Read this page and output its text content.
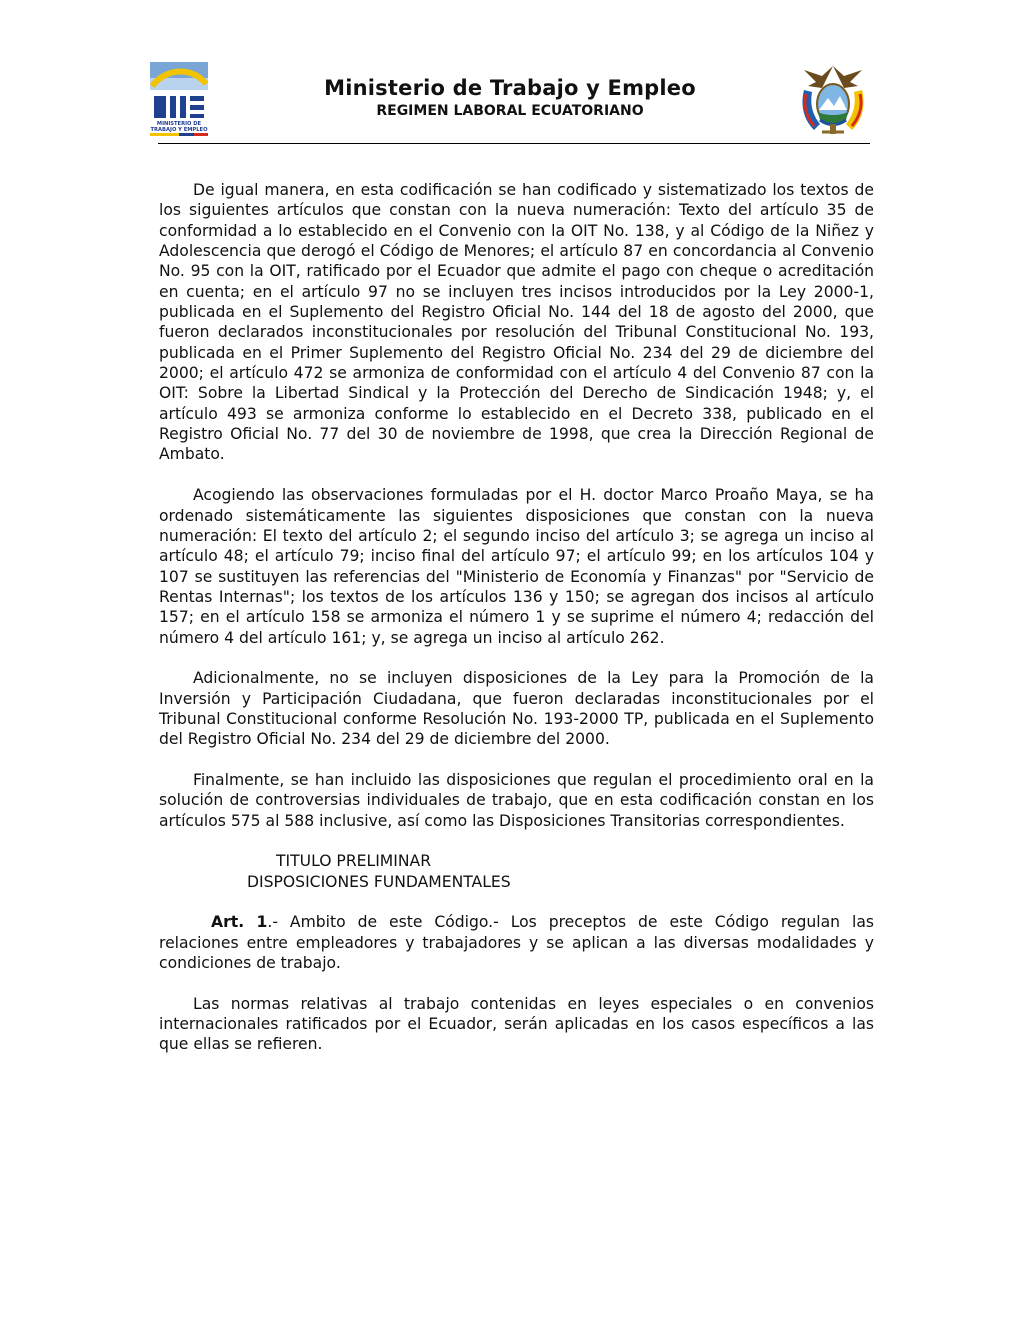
MINISTERIO DE
TRABAJO Y EMPLEO
Ministerio de Trabajo y Empleo
REGIMEN LABORAL ECUATORIANO

De igual manera, en esta codificación se han codificado y sistematizado los textos de los siguientes artículos que constan con la nueva numeración: Texto del artículo 35 de conformidad a lo establecido en el Convenio con la OIT No. 138, y al Código de la Niñez y Adolescencia que derogó el Código de Menores; el artículo 87 en concordancia al Convenio No. 95 con la OIT, ratificado por el Ecuador que admite el pago con cheque o acreditación en cuenta; en el artículo 97 no se incluyen tres incisos introducidos por la Ley 2000-1, publicada en el Suplemento del Registro Oficial No. 144 del 18 de agosto del 2000, que fueron declarados inconstitucionales por resolución del Tribunal Constitucional No. 193, publicada en el Primer Suplemento del Registro Oficial No. 234 del 29 de diciembre del 2000; el artículo 472 se armoniza de conformidad con el artículo 4 del Convenio 87 con la OIT: Sobre la Libertad Sindical y la Protección del Derecho de Sindicación 1948; y, el artículo 493 se armoniza conforme lo establecido en el Decreto 338, publicado en el Registro Oficial No. 77 del 30 de noviembre de 1998, que crea la Dirección Regional de Ambato.

Acogiendo las observaciones formuladas por el H. doctor Marco Proaño Maya, se ha ordenado sistemáticamente las siguientes disposiciones que constan con la nueva numeración: El texto del artículo 2; el segundo inciso del artículo 3; se agrega un inciso al artículo 48; el artículo 79; inciso final del artículo 97; el artículo 99; en los artículos 104 y 107 se sustituyen las referencias del "Ministerio de Economía y Finanzas" por "Servicio de Rentas Internas"; los textos de los artículos 136 y 150; se agregan dos incisos al artículo 157; en el artículo 158 se armoniza el número 1 y se suprime el número 4; redacción del número 4 del artículo 161; y, se agrega un inciso al artículo 262.

Adicionalmente, no se incluyen disposiciones de la Ley para la Promoción de la Inversión y Participación Ciudadana, que fueron declaradas inconstitucionales por el Tribunal Constitucional conforme Resolución No. 193-2000 TP, publicada en el Suplemento del Registro Oficial No. 234 del 29 de diciembre del 2000.

Finalmente, se han incluido las disposiciones que regulan el procedimiento oral en la solución de controversias individuales de trabajo, que en esta codificación constan en los artículos 575 al 588 inclusive, así como las Disposiciones Transitorias correspondientes.

TITULO PRELIMINAR
DISPOSICIONES FUNDAMENTALES

Art. 1.- Ambito de este Código.- Los preceptos de este Código regulan las relaciones entre empleadores y trabajadores y se aplican a las diversas modalidades y condiciones de trabajo.

Las normas relativas al trabajo contenidas en leyes especiales o en convenios internacionales ratificados por el Ecuador, serán aplicadas en los casos específicos a las que ellas se refieren.
